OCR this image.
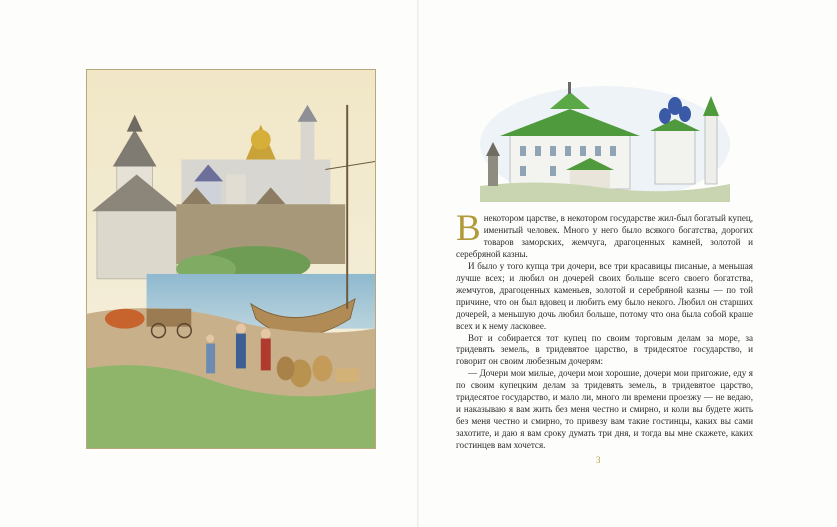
Внекотором царстве, в некотором государстве жил-был богатый купец, именитый человек. Много у него было всякого богатства, дорогих товаров заморских, жемчуга, драгоценных камней, золотой и серебряной казны.

И было у того купца три дочери, все три красавицы писаные, а меньшая лучше всех; и любил он дочерей своих больше всего своего богатства, жемчугов, драгоценных каменьев, золотой и серебряной казны — по той причине, что он был вдовец и любить ему было некого. Любил он старших дочерей, а меньшую дочь любил больше, потому что она была собой краше всех и к нему ласковее.

Вот и собирается тот купец по своим торговым делам за море, за тридевять земель, в тридевятое царство, в тридесятое государство, и говорит он своим любезным дочерям:

— Дочери мои милые, дочери мои хорошие, дочери мои пригожие, еду я по своим купецким делам за тридевять земель, в тридевятое царство, тридесятое государство, и мало ли, много ли времени проезжу — не ведаю, и наказываю я вам жить без меня честно и смирно, и коли вы будете жить без меня честно и смирно, то привезу вам такие гостинцы, каких вы сами захотите, и даю я вам сроку думать три дня, и тогда вы мне скажете, каких гостинцев вам хочется.

3
